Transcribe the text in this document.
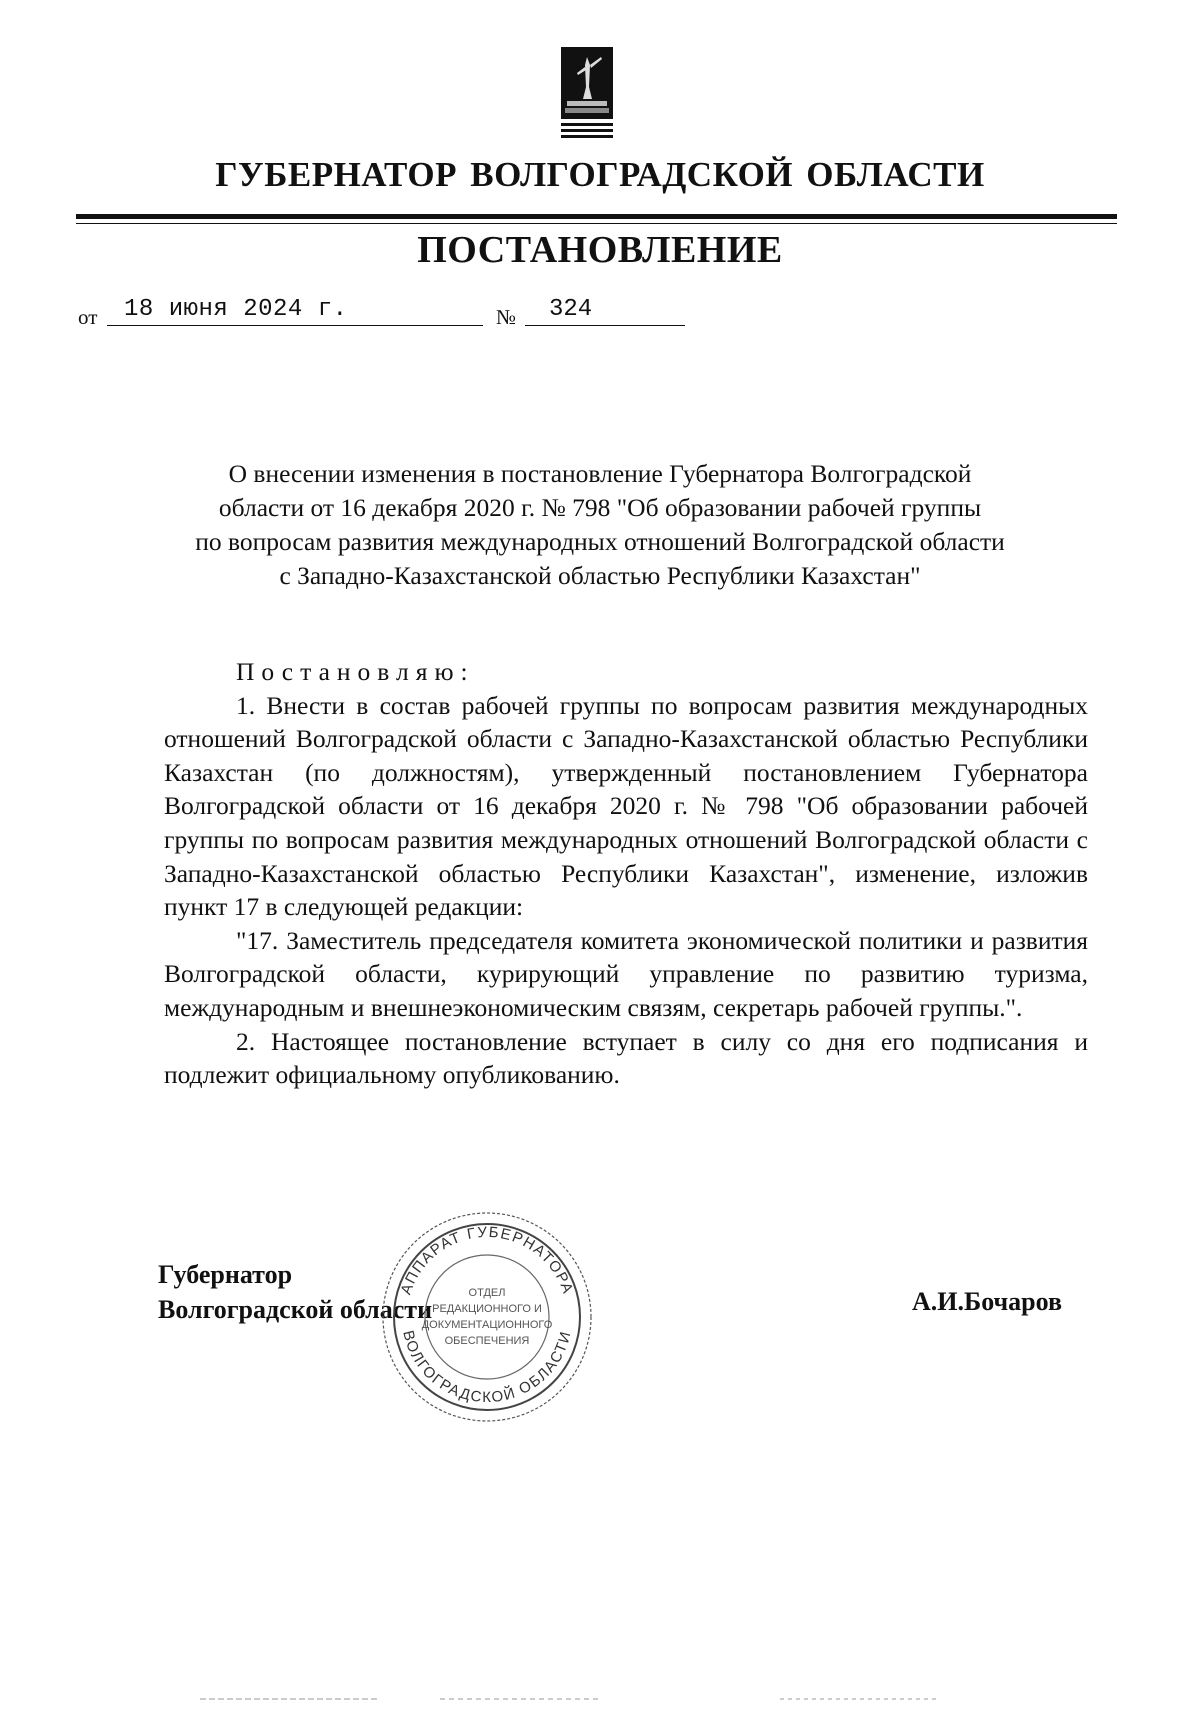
ГУБЕРНАТОР ВОЛГОГРАДСКОЙ ОБЛАСТИ
ПОСТАНОВЛЕНИЕ
от 18 июня 2024 г.	№ 324
О внесении изменения в постановление Губернатора Волгоградской
области от 16 декабря 2020 г. № 798 "Об образовании рабочей группы
по вопросам развития международных отношений Волгоградской области
с Западно-Казахстанской областью Республики Казахстан"

Постановляю:

1. Внести в состав рабочей группы по вопросам развития международных отношений Волгоградской области с Западно-Казахстанской областью Республики Казахстан (по должностям), утвержденный постановлением Губернатора Волгоградской области от 16 декабря 2020 г. № 798 "Об образовании рабочей группы по вопросам развития международных отношений Волгоградской области с Западно-Казахстанской областью Республики Казахстан", изменение, изложив пункт 17 в следующей редакции:

"17. Заместитель председателя комитета экономической политики и развития Волгоградской области, курирующий управление по развитию туризма, международным и внешнеэкономическим связям, секретарь рабочей группы.".

2. Настоящее постановление вступает в силу со дня его подписания и подлежит официальному опубликованию.

Губернатор
Волгоградской области	А.И.Бочаров
АППАРАТ ГУБЕРНАТОРА
ВОЛГОГРАДСКОЙ ОБЛАСТИ
ОТДЕЛ
РЕДАКЦИОННОГО И
ДОКУМЕНТАЦИОННОГО
ОБЕСПЕЧЕНИЯ
